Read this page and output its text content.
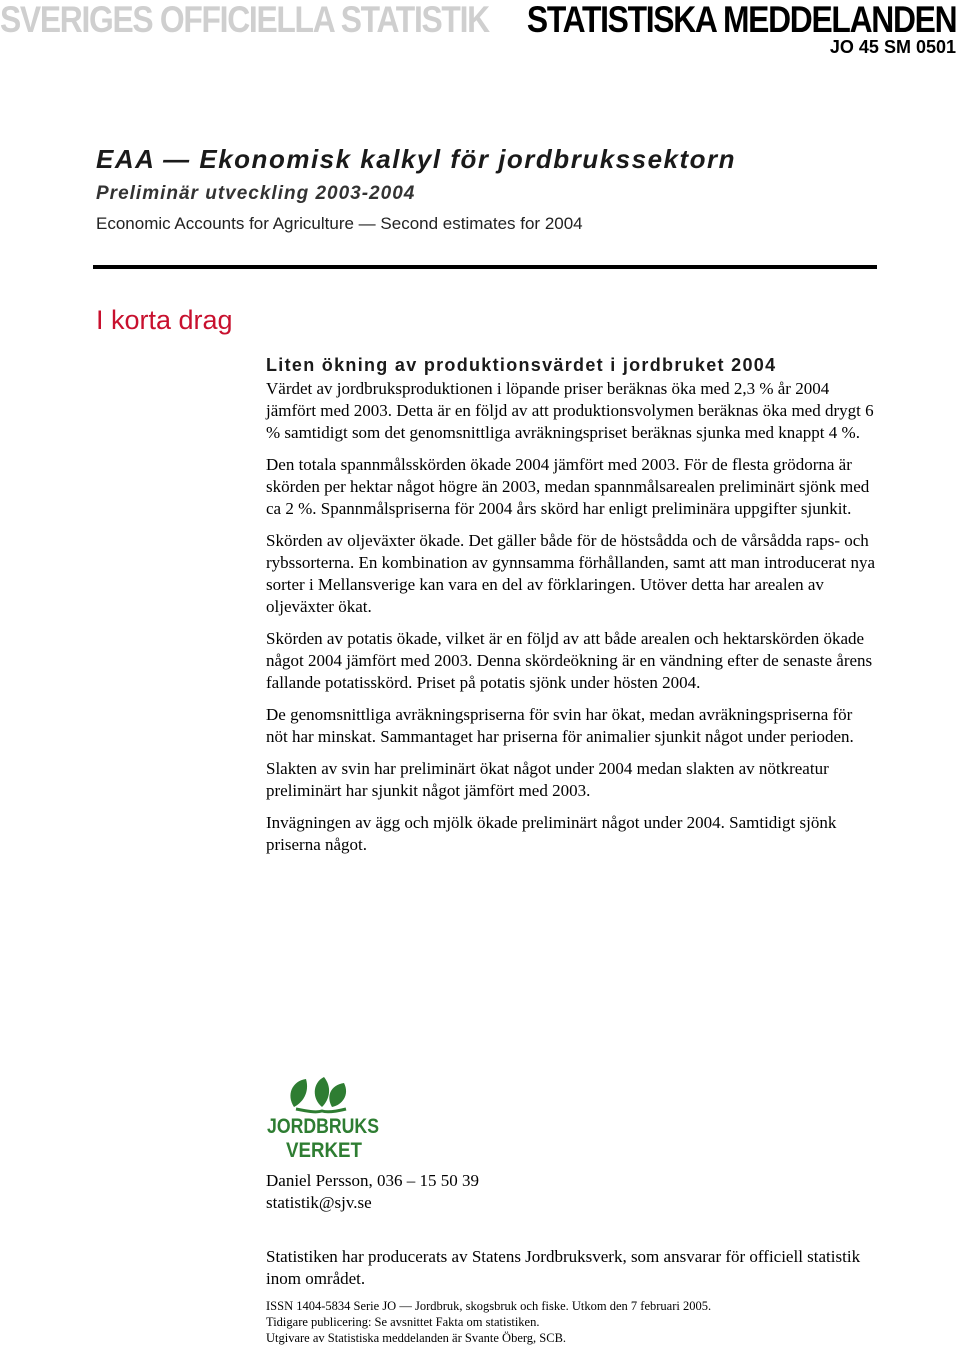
SVERIGES OFFICIELLA STATISTIK STATISTISKA MEDDELANDEN
JO 45 SM 0501
EAA — Ekonomisk kalkyl för jordbrukssektorn
Preliminär utveckling 2003-2004
Economic Accounts for Agriculture — Second estimates for 2004
I korta drag

Liten ökning av produktionsvärdet i jordbruket 2004

Värdet av jordbruksproduktionen i löpande priser beräknas öka med 2,3 % år 2004 jämfört med 2003. Detta är en följd av att produktionsvolymen beräknas öka med drygt 6 % samtidigt som det genomsnittliga avräkningspriset beräknas sjunka med knappt 4 %.

Den totala spannmålsskörden ökade 2004 jämfört med 2003. För de flesta grödorna är skörden per hektar något högre än 2003, medan spannmålsarealen preliminärt sjönk med ca 2 %. Spannmålspriserna för 2004 års skörd har enligt preliminära uppgifter sjunkit.

Skörden av oljeväxter ökade. Det gäller både för de höstsådda och de vårsådda raps- och rybssorterna. En kombination av gynnsamma förhållanden, samt att man introducerat nya sorter i Mellansverige kan vara en del av förklaringen. Utöver detta har arealen av oljeväxter ökat.

Skörden av potatis ökade, vilket är en följd av att både arealen och hektarskörden ökade något 2004 jämfört med 2003. Denna skördeökning är en vändning efter de senaste årens fallande potatisskörd. Priset på potatis sjönk under hösten 2004.

De genomsnittliga avräkningspriserna för svin har ökat, medan avräkningspriserna för nöt har minskat. Sammantaget har priserna för animalier sjunkit något under perioden.

Slakten av svin har preliminärt ökat något under 2004 medan slakten av nötkreatur preliminärt har sjunkit något jämfört med 2003.

Invägningen av ägg och mjölk ökade preliminärt något under 2004. Samtidigt sjönk priserna något.

JORDBRUKS
VERKET
Daniel Persson, 036 – 15 50 39
statistik@sjv.se
Statistiken har producerats av Statens Jordbruksverk, som ansvarar för officiell statistik inom området.
ISSN 1404-5834 Serie JO — Jordbruk, skogsbruk och fiske. Utkom den 7 februari 2005.
Tidigare publicering: Se avsnittet Fakta om statistiken.
Utgivare av Statistiska meddelanden är Svante Öberg, SCB.
